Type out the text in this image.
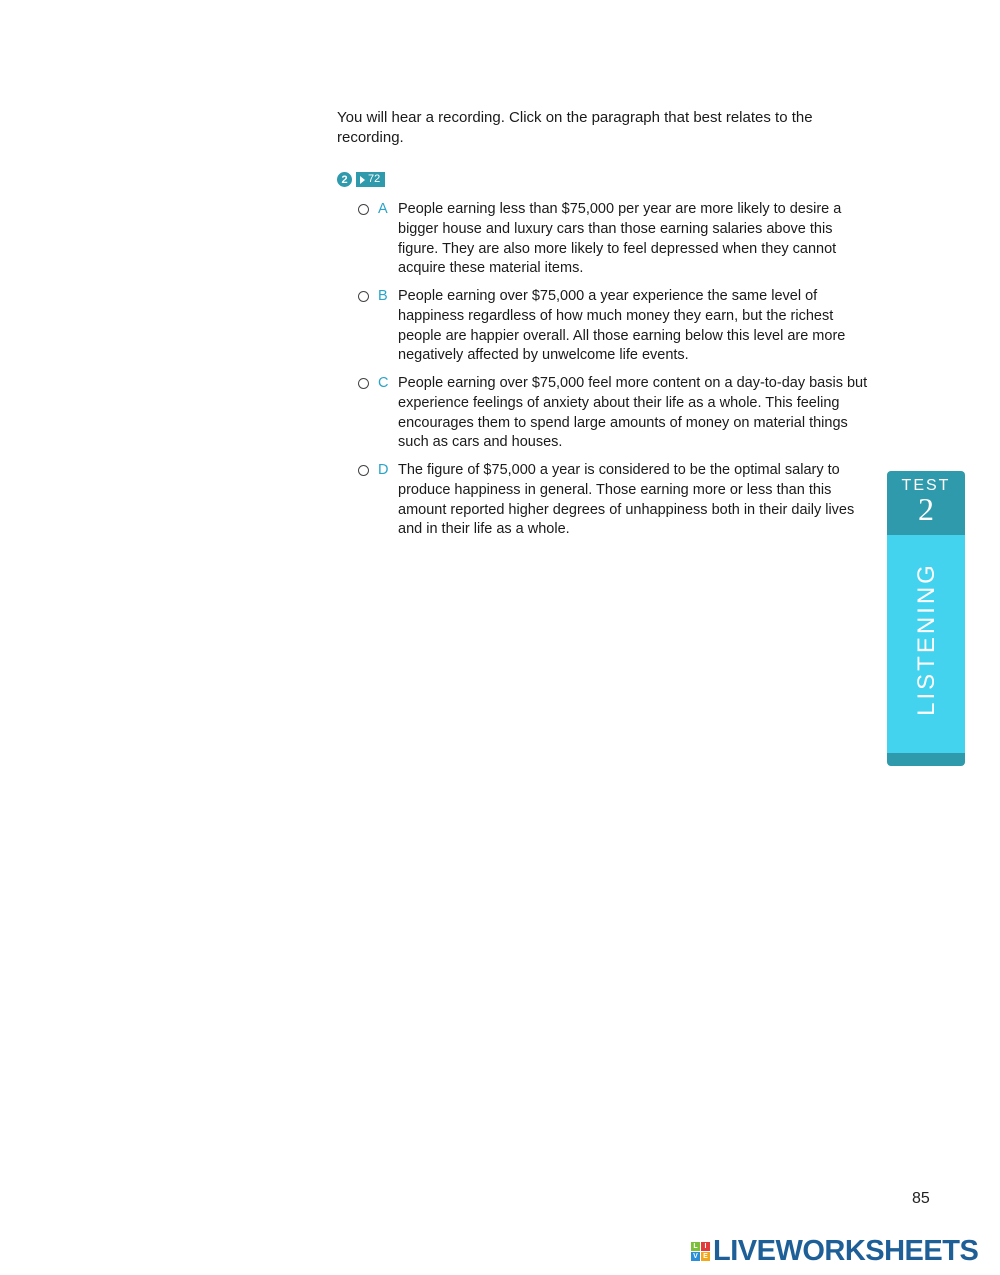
You will hear a recording. Click on the paragraph that best relates to the recording.

2	72
A People earning less than $75,000 per year are more likely to desire a bigger house and luxury cars than those earning salaries above this figure. They are also more likely to feel depressed when they cannot acquire these material items.
B People earning over $75,000 a year experience the same level of happiness regardless of how much money they earn, but the richest people are happier overall. All those earning below this level are more negatively affected by unwelcome life events.
C People earning over $75,000 feel more content on a day-to-day basis but experience feelings of anxiety about their life as a whole. This feeling encourages them to spend large amounts of money on material things such as cars and houses.
D The figure of $75,000 a year is considered to be the optimal salary to produce happiness in general. Those earning more or less than this amount reported higher degrees of unhappiness both in their daily lives and in their life as a whole.
TEST
2
LISTENING
85
L I
V E LIVEWORKSHEETS
